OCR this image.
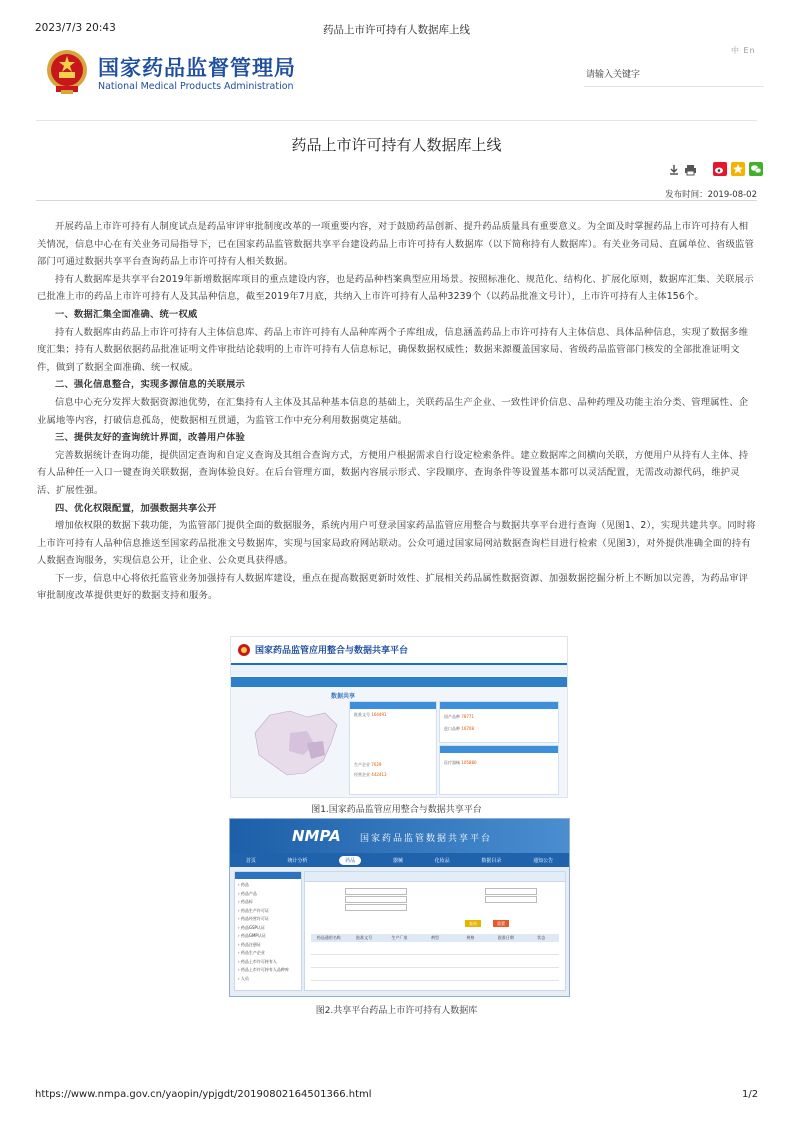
2023/7/3 20:43	药品上市许可持有人数据库上线
国家药品监督管理局
National Medical Products Administration
中 En
请输入关键字
药品上市许可持有人数据库上线
发布时间：2019-08-02

开展药品上市许可持有人制度试点是药品审评审批制度改革的一项重要内容，对于鼓励药品创新、提升药品质量具有重要意义。为全面及时掌握药品上市许可持有人相关情况，信息中心在有关业务司局指导下，已在国家药品监管数据共享平台建设药品上市许可持有人数据库（以下简称持有人数据库）。有关业务司局、直属单位、省级监管部门可通过数据共享平台查询药品上市许可持有人相关数据。

持有人数据库是共享平台2019年新增数据库项目的重点建设内容，也是药品种档案典型应用场景。按照标准化、规范化、结构化、扩展化原则，数据库汇集、关联展示已批准上市的药品上市许可持有人及其品种信息，截至2019年7月底，共纳入上市许可持有人品种3239个（以药品批准文号计），上市许可持有人主体156个。

一、数据汇集全面准确、统一权威

持有人数据库由药品上市许可持有人主体信息库、药品上市许可持有人品种库两个子库组成，信息涵盖药品上市许可持有人主体信息、具体品种信息，实现了数据多维度汇集；持有人数据依据药品批准证明文件审批结论载明的上市许可持有人信息标记，确保数据权威性；数据来源覆盖国家局、省级药品监管部门核发的全部批准证明文件，做到了数据全面准确、统一权威。

二、强化信息整合，实现多源信息的关联展示

信息中心充分发挥大数据资源池优势，在汇集持有人主体及其品种基本信息的基础上，关联药品生产企业、一致性评价信息、品种药理及功能主治分类、管理属性、企业属地等内容，打破信息孤岛，使数据相互贯通，为监管工作中充分利用数据奠定基础。

三、提供友好的查询统计界面，改善用户体验

完善数据统计查询功能，提供固定查询和自定义查询及其组合查询方式，方便用户根据需求自行设定检索条件。建立数据库之间横向关联，方便用户从持有人主体、持有人品种任一入口一键查询关联数据，查询体验良好。在后台管理方面，数据内容展示形式、字段顺序、查询条件等设置基本都可以灵活配置，无需改动源代码，维护灵活、扩展性强。

四、优化权限配置，加强数据共享公开

增加依权限的数据下载功能，为监管部门提供全面的数据服务，系统内用户可登录国家药品监管应用整合与数据共享平台进行查询（见图1、2），实现共建共享。同时将上市许可持有人品种信息推送至国家药品批准文号数据库，实现与国家局政府网站联动。公众可通过国家局网站数据查询栏目进行检索（见图3），对外提供准确全面的持有人数据查询服务，实现信息公开，让企业、公众更具获得感。

下一步，信息中心将依托监管业务加强持有人数据库建设，重点在提高数据更新时效性、扩展相关药品属性数据资源、加强数据挖掘分析上不断加以完善，为药品审评审批制度改革提供更好的数据支持和服务。

国家药品监管应用整合与数据共享平台
数据共享
批准文号 164491
生产企业 7629
经营企业 442413
国产品种 78771
进口品种 16708
医疗器械 105880
图1.国家药品监管应用整合与数据共享平台
NMPA 国家药品监管数据共享平台
首页	统计分析	药品	器械	化妆品	数据目录	通知公告
› 药品
› 药品产品
› 药品标
› 药品生产许可证
› 药品经营许可证
› 药品GSP认证
› 药品GMP认证
› 药品注册证
› 药品生产企业
› 药品上市许可持有人
› 药品上市许可持有人品种库
› 人员
查询	重置
药品通用名称	批准文号	生产厂家	剂型	规格	批准日期	状态
图2.共享平台药品上市许可持有人数据库
https://www.nmpa.gov.cn/yaopin/ypjgdt/20190802164501366.html	1/2
